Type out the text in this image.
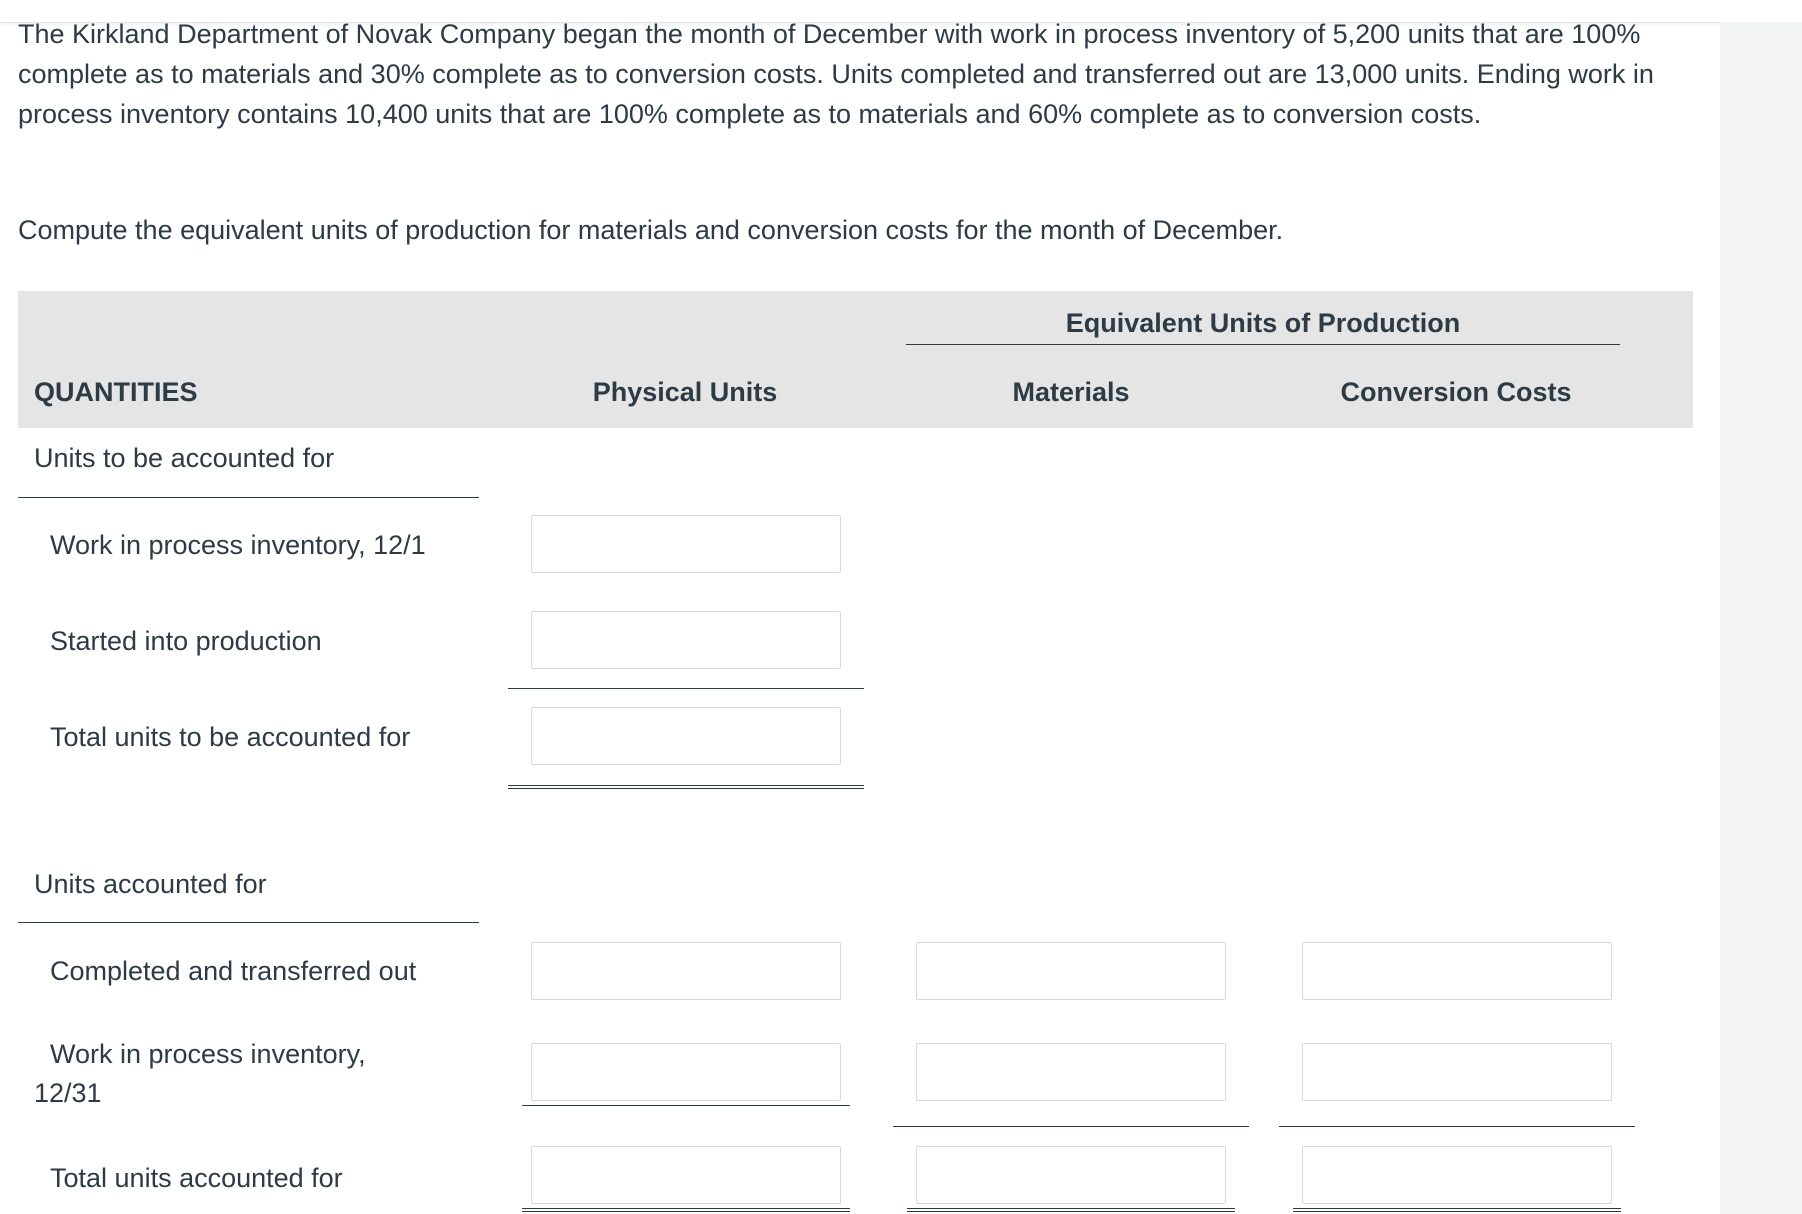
The Kirkland Department of Novak Company began the month of December with work in process inventory of 5,200 units that are 100% complete as to materials and 30% complete as to conversion costs. Units completed and transferred out are 13,000 units. Ending work in process inventory contains 10,400 units that are 100% complete as to materials and 60% complete as to conversion costs.

Compute the equivalent units of production for materials and conversion costs for the month of December.

Equivalent Units of Production

QUANTITIES	Physical Units	Materials	Conversion Costs

Units to be accounted for

Work in process inventory, 12/1

Started into production

Total units to be accounted for

Units accounted for

Completed and transferred out

Work in process inventory,

12/31

Total units accounted for
